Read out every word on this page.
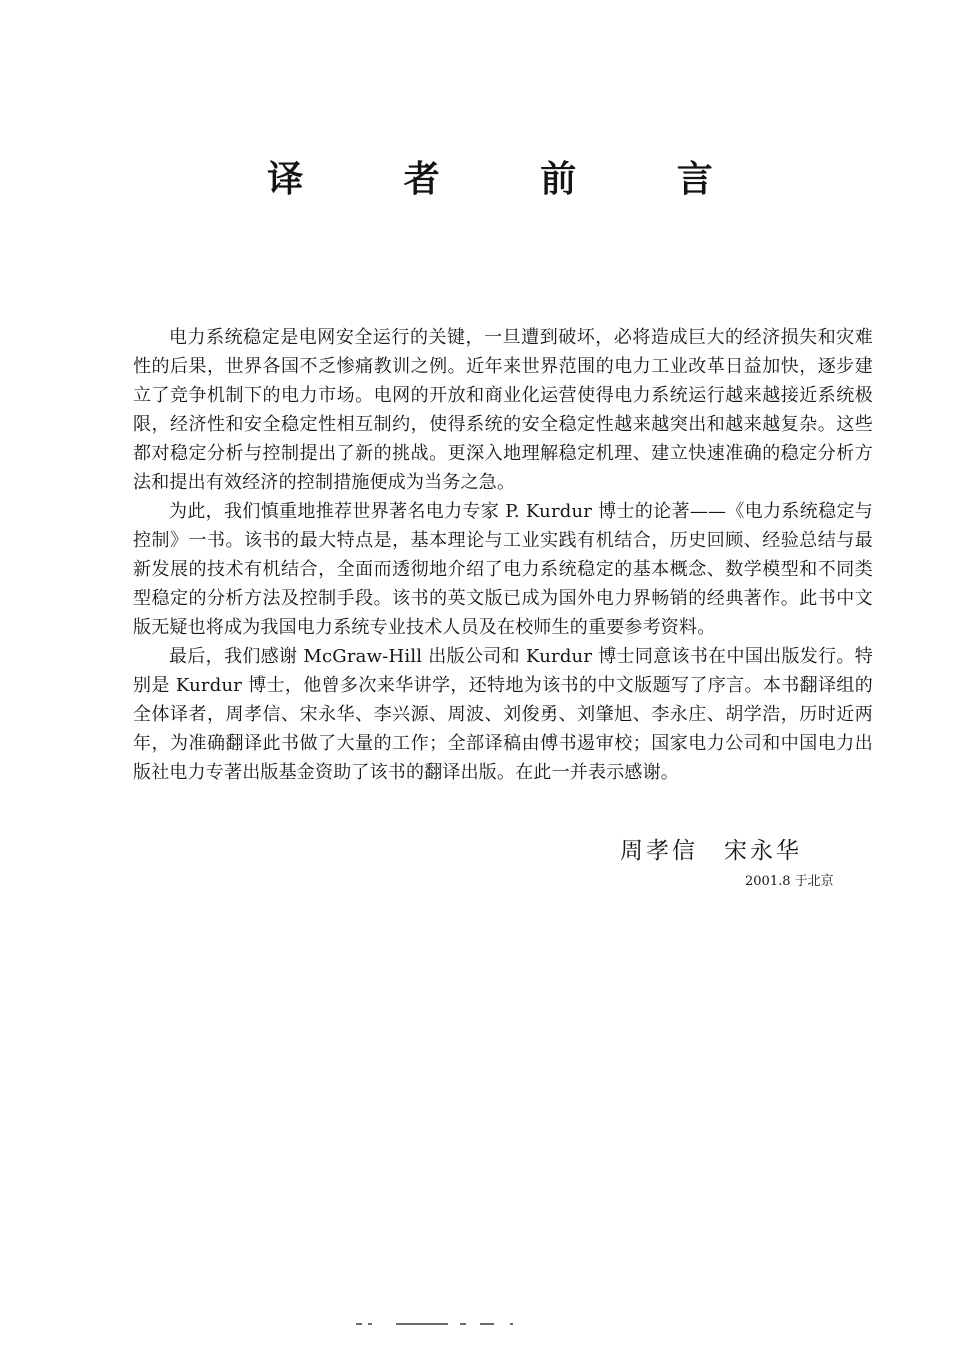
译 者 前 言

电力系统稳定是电网安全运行的关键，一旦遭到破坏，必将造成巨大的经济损失和灾难性的后果，世界各国不乏惨痛教训之例。近年来世界范围的电力工业改革日益加快，逐步建立了竞争机制下的电力市场。电网的开放和商业化运营使得电力系统运行越来越接近系统极限，经济性和安全稳定性相互制约，使得系统的安全稳定性越来越突出和越来越复杂。这些都对稳定分析与控制提出了新的挑战。更深入地理解稳定机理、建立快速准确的稳定分析方法和提出有效经济的控制措施便成为当务之急。

为此，我们慎重地推荐世界著名电力专家 P. Kurdur 博士的论著——《电力系统稳定与控制》一书。该书的最大特点是，基本理论与工业实践有机结合，历史回顾、经验总结与最新发展的技术有机结合，全面而透彻地介绍了电力系统稳定的基本概念、数学模型和不同类型稳定的分析方法及控制手段。该书的英文版已成为国外电力界畅销的经典著作。此书中文版无疑也将成为我国电力系统专业技术人员及在校师生的重要参考资料。

最后，我们感谢 McGraw-Hill 出版公司和 Kurdur 博士同意该书在中国出版发行。特别是 Kurdur 博士，他曾多次来华讲学，还特地为该书的中文版题写了序言。本书翻译组的全体译者，周孝信、宋永华、李兴源、周波、刘俊勇、刘肇旭、李永庄、胡学浩，历时近两年，为准确翻译此书做了大量的工作；全部译稿由傅书逷审校；国家电力公司和中国电力出版社电力专著出版基金资助了该书的翻译出版。在此一并表示感谢。

周孝信　宋永华

2001.8 于北京
